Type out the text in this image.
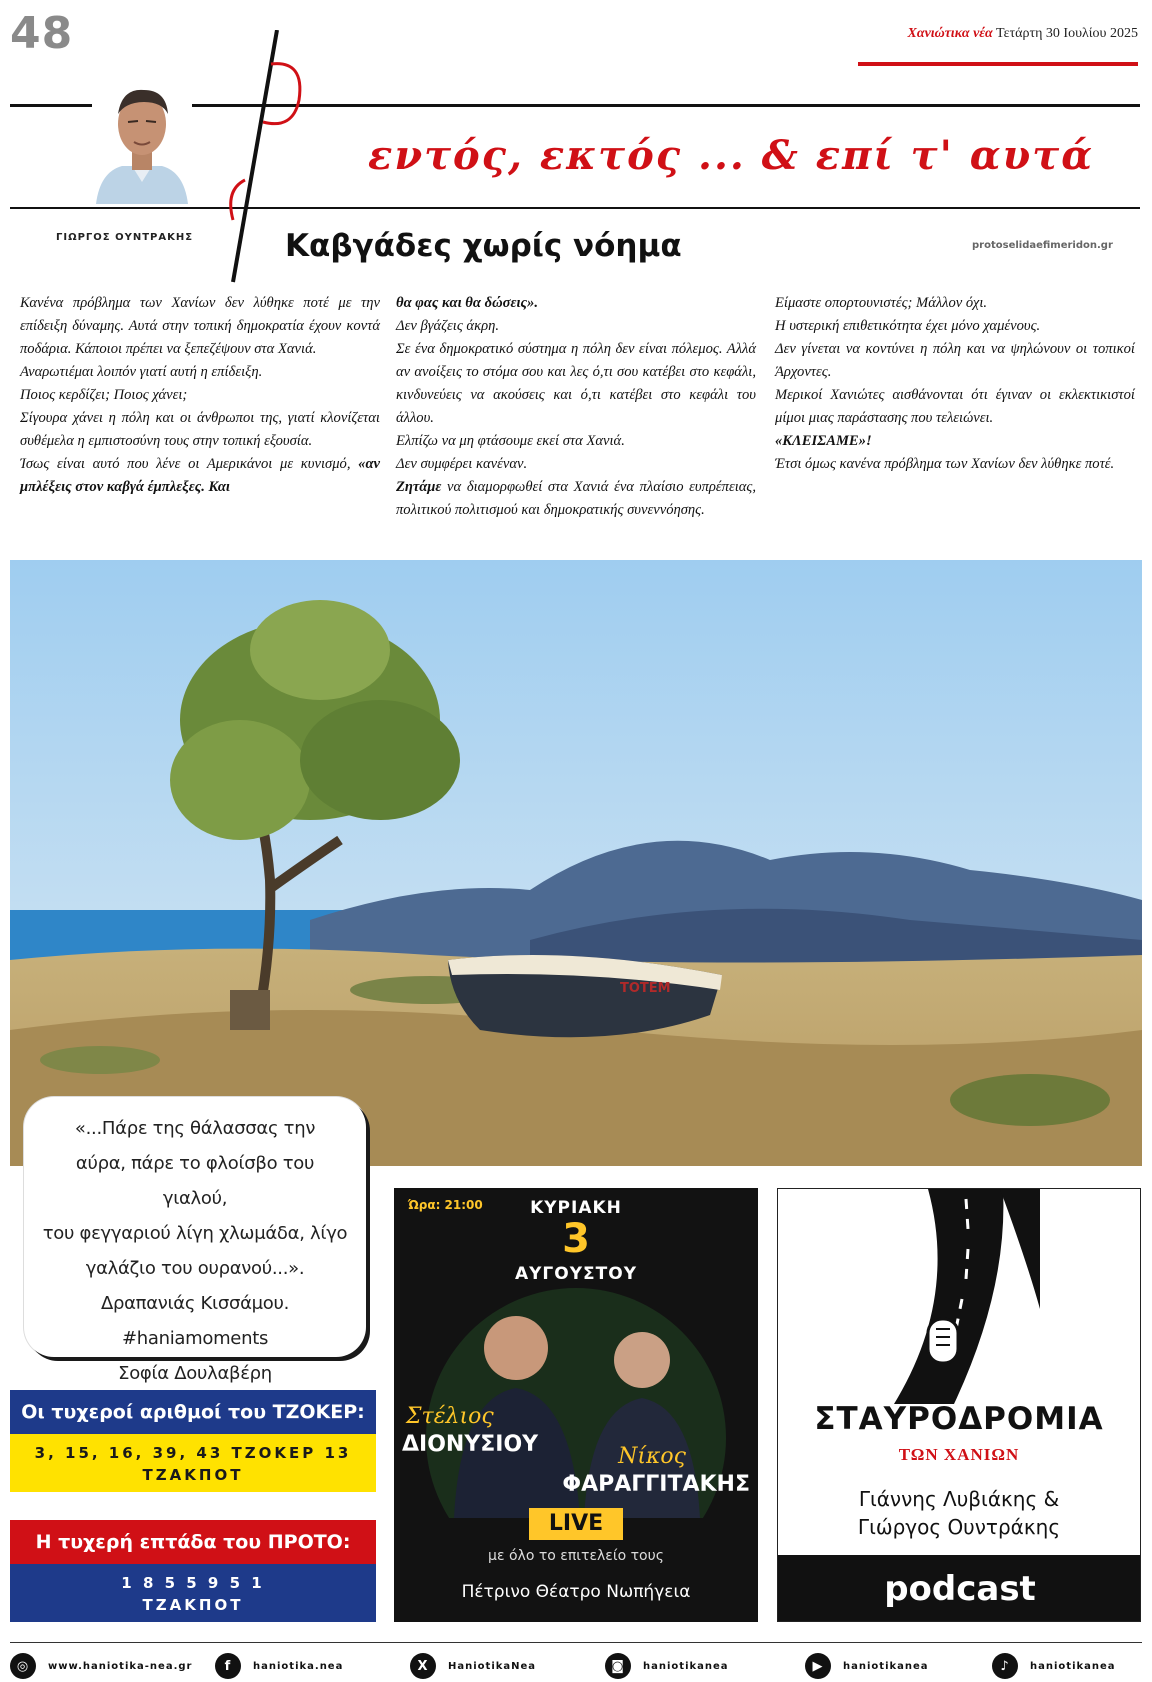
48	Χανιώτικα νέα Τετάρτη 30 Ιουλίου 2025
εντός, εκτός ... & επί τ' αυτά
ΓΙΩΡΓΟΣ ΟΥΝΤΡΑΚΗΣ	Καβγάδες χωρίς νόημα	protoselidaefimeridon.gr

Κανένα πρόβλημα των Χανίων δεν λύθηκε ποτέ με την επίδειξη δύναμης. Αυτά στην τοπική δημοκρατία έχουν κοντά ποδάρια. Κάποιοι πρέπει να ξεπεζέψουν στα Χανιά.

Αναρωτιέμαι λοιπόν γιατί αυτή η επίδειξη.

Ποιος κερδίζει; Ποιος χάνει;

Σίγουρα χάνει η πόλη και οι άνθρωποι της, γιατί κλονίζεται συθέμελα η εμπιστοσύνη τους στην τοπική εξουσία.

Ίσως είναι αυτό που λένε οι Αμερικάνοι με κυνισμό, «αν μπλέξεις στον καβγά έμπλεξες. Και

θα φας και θα δώσεις».

Δεν βγάζεις άκρη.

Σε ένα δημοκρατικό σύστημα η πόλη δεν είναι πόλεμος. Αλλά αν ανοίξεις το στόμα σου και λες ό,τι σου κατέβει στο κεφάλι, κινδυνεύεις να ακούσεις και ό,τι κατέβει στο κεφάλι του άλλου.

Ελπίζω να μη φτάσουμε εκεί στα Χανιά.

Δεν συμφέρει κανέναν.

Ζητάμε να διαμορφωθεί στα Χανιά ένα πλαίσιο ευπρέπειας, πολιτικού πολιτισμού και δημοκρατικής συνεννόησης.

Είμαστε οπορτουνιστές; Μάλλον όχι.

Η υστερική επιθετικότητα έχει μόνο χαμένους.

Δεν γίνεται να κοντύνει η πόλη και να ψηλώνουν οι τοπικοί Άρχοντες.

Μερικοί Χανιώτες αισθάνονται ότι έγιναν οι εκλεκτικιστοί μίμοι μιας παράστασης που τελειώνει.

«ΚΛΕΙΣΑΜΕ»!

Έτσι όμως κανένα πρόβλημα των Χανίων δεν λύθηκε ποτέ.

ΤΟΤΕΜ
«...Πάρε της θάλασσας την
αύρα, πάρε το φλοίσβο του γιαλού,
του φεγγαριού λίγη χλωμάδα, λίγο
γαλάζιο του ουρανού...».
Δραπανιάς Κισσάμου.
#haniamoments
Σοφία Δουλαβέρη
Οι τυχεροί αριθμοί του ΤΖΟΚΕΡ:
3, 15, 16, 39, 43 ΤΖΟΚΕΡ 13
ΤΖΑΚΠΟΤ
Η τυχερή επτάδα του ΠΡΟΤΟ:
1 8 5 5 9 5 1
ΤΖΑΚΠΟΤ
Ώρα: 21:00	ΚΥΡΙΑΚΗ
3
ΑΥΓΟΥΣΤΟΥ
Στέλιος
ΔΙΟΝΥΣΙΟΥ	Νίκος
ΦΑΡΑΓΓΙΤΑΚΗΣ
LIVE
με όλο το επιτελείο τους
Πέτρινο Θέατρο Νωπήγεια
ΣΤΑΥΡΟΔΡΟΜΙΑ
ΤΩΝ ΧΑΝΙΩΝ
Γιάννης Λυβιάκης &
Γιώργος Ουντράκης
podcast
◎	www.haniotika-nea.gr	f	haniotika.nea	X	HaniotikaNea	◙	haniotikanea	▶	haniotikanea	♪	haniotikanea
